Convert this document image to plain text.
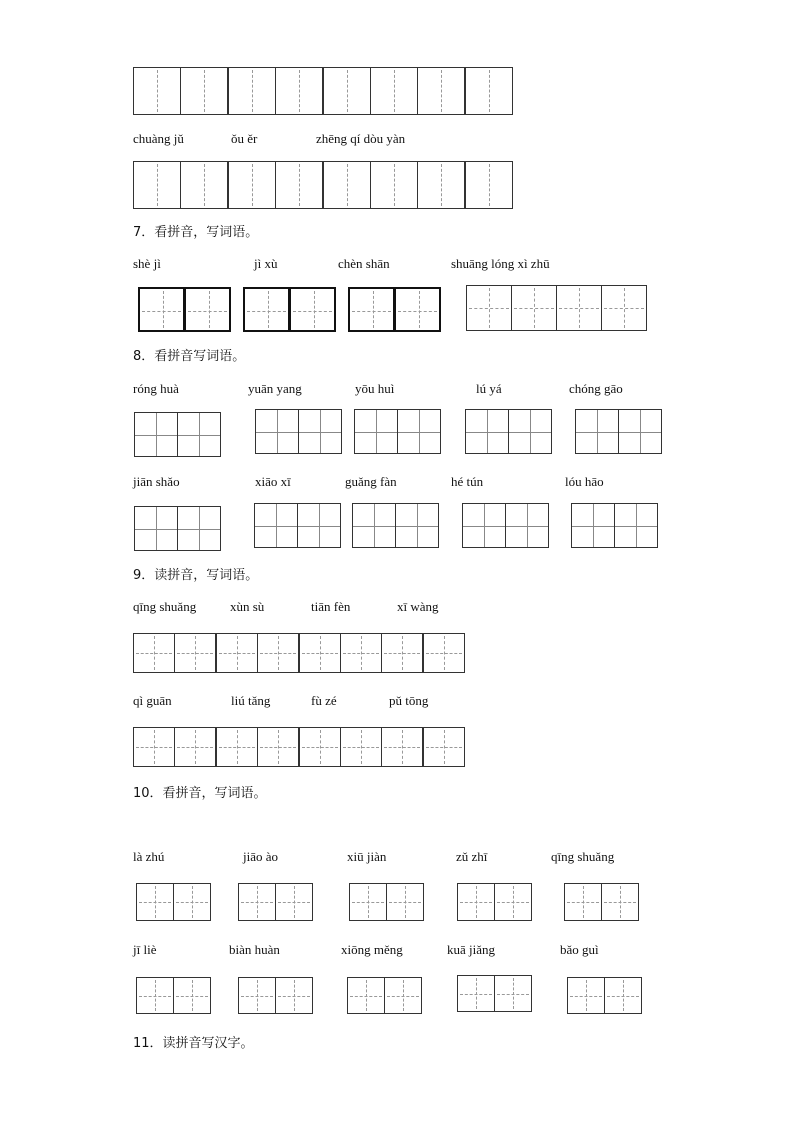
chuàng jǔ	ǒu ěr	zhēng qí dòu yàn
7．看拼音，写词语。
shè jì	jì xù	chèn shān	shuāng lóng xì zhū
8．看拼音写词语。
róng huà	yuān yang	yōu huì	lú yá	chóng gāo
jiān shǎo	xiāo xī	guǎng fàn	hé tún	lóu hāo
9．读拼音，写词语。
qīng shuǎng	xùn sù	tiān fèn	xī wàng
qì guān	liú tǎng	fù zé	pǔ tōng
10．看拼音，写词语。
là zhú	jiāo ào	xiū jiàn	zǔ zhī	qīng shuǎng
jī liè	biàn huàn	xiōng měng	kuā jiǎng	bǎo guì
11．读拼音写汉字。
